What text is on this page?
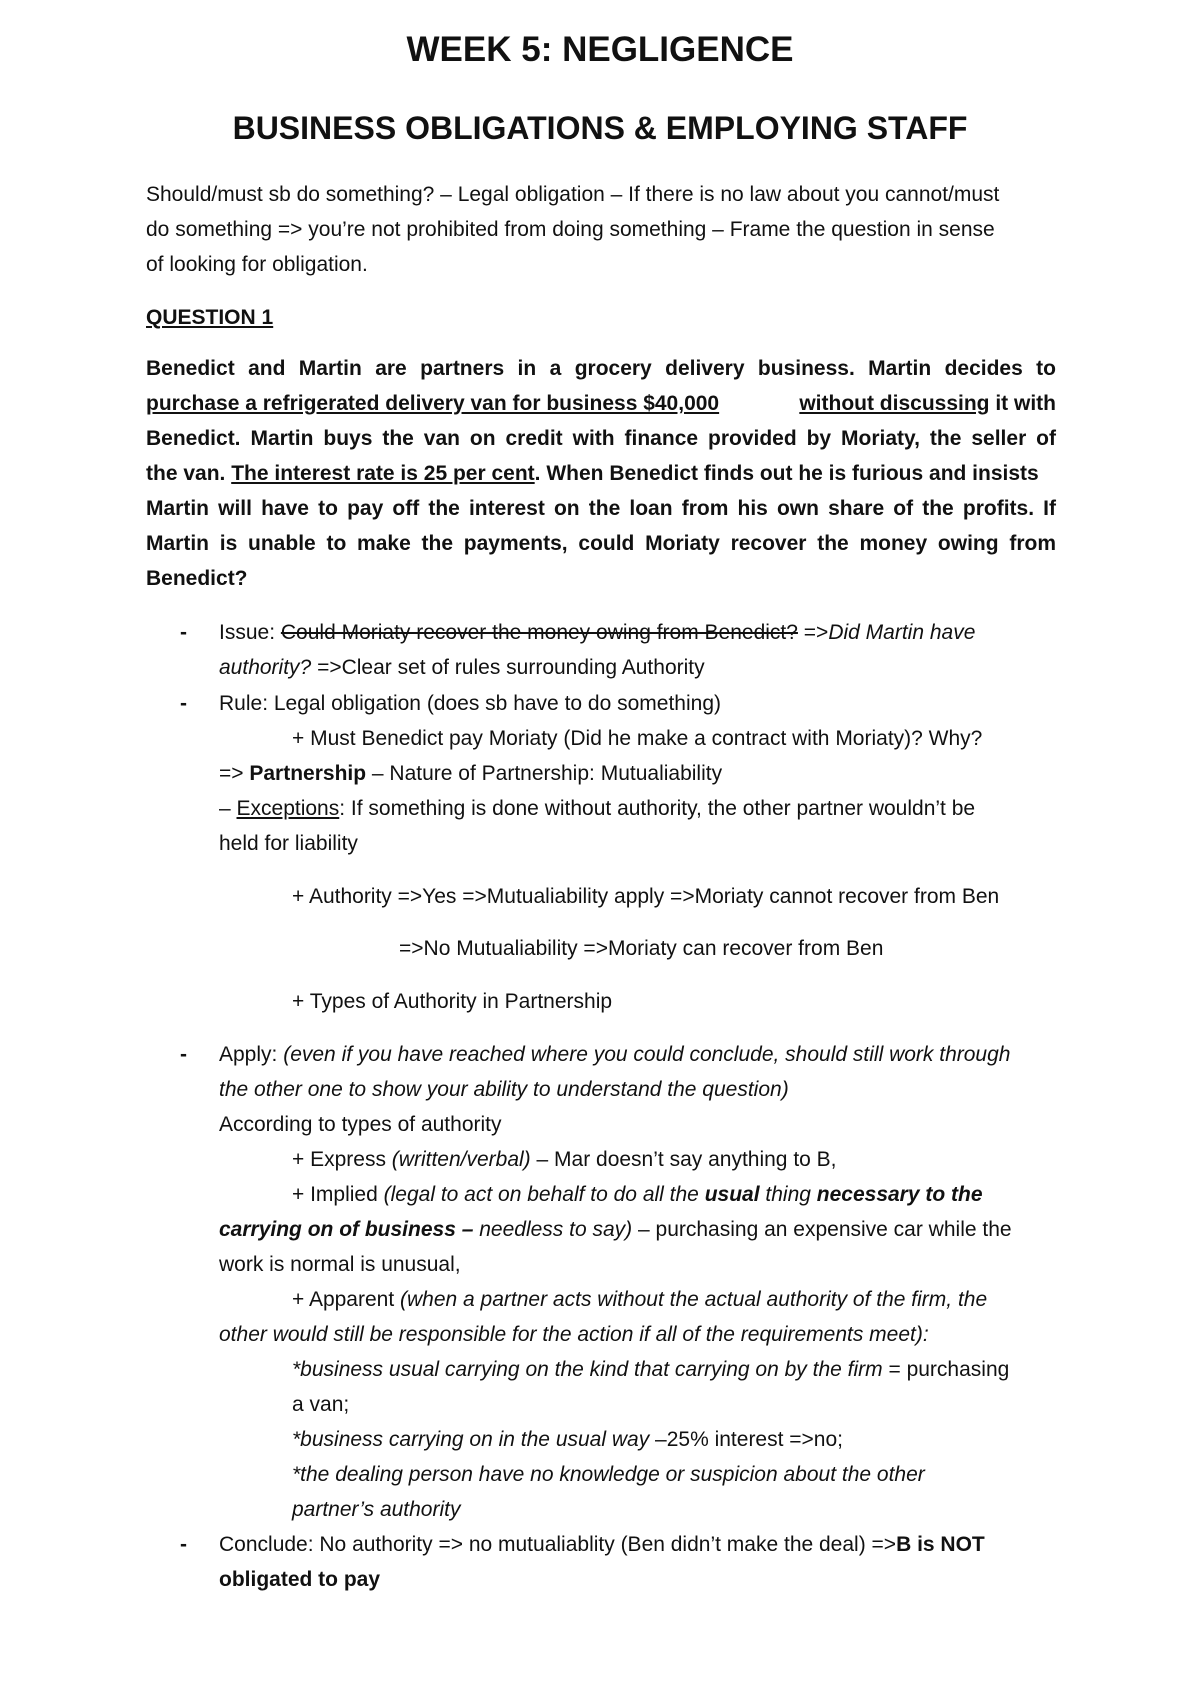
WEEK 5: NEGLIGENCE
BUSINESS OBLIGATIONS & EMPLOYING STAFF
Should/must sb do something? – Legal obligation – If there is no law about you cannot/must
do something => you’re not prohibited from doing something – Frame the question in sense
of looking for obligation.
QUESTION 1
Benedict and Martin are partners in a grocery delivery business. Martin decides to
purchase a refrigerated delivery van for business $40,000	without discussing it with
Benedict. Martin buys the van on credit with finance provided by Moriaty, the seller of
the van. The interest rate is 25 per cent. When Benedict finds out he is furious and insists
Martin will have to pay off the interest on the loan from his own share of the profits. If
Martin is unable to make the payments, could Moriaty recover the money owing from
Benedict?
- Issue: Could Moriaty recover the money owing from Benedict? =>Did Martin have
authority? =>Clear set of rules surrounding Authority
- Rule: Legal obligation (does sb have to do something)
+ Must Benedict pay Moriaty (Did he make a contract with Moriaty)? Why?
=> Partnership – Nature of Partnership: Mutualiability
– Exceptions: If something is done without authority, the other partner wouldn’t be
held for liability
+ Authority =>Yes =>Mutualiability apply =>Moriaty cannot recover from Ben
=>No Mutualiability =>Moriaty can recover from Ben
+ Types of Authority in Partnership
- Apply: (even if you have reached where you could conclude, should still work through
the other one to show your ability to understand the question)
According to types of authority
+ Express (written/verbal) – Mar doesn’t say anything to B,
+ Implied (legal to act on behalf to do all the usual thing necessary to the
carrying on of business – needless to say) – purchasing an expensive car while the
work is normal is unusual,
+ Apparent (when a partner acts without the actual authority of the firm, the
other would still be responsible for the action if all of the requirements meet):
*business usual carrying on the kind that carrying on by the firm = purchasing
a van;
*business carrying on in the usual way –25% interest =>no;
*the dealing person have no knowledge or suspicion about the other
partner’s authority
- Conclude: No authority => no mutualiablity (Ben didn’t make the deal) =>B is NOT
obligated to pay
